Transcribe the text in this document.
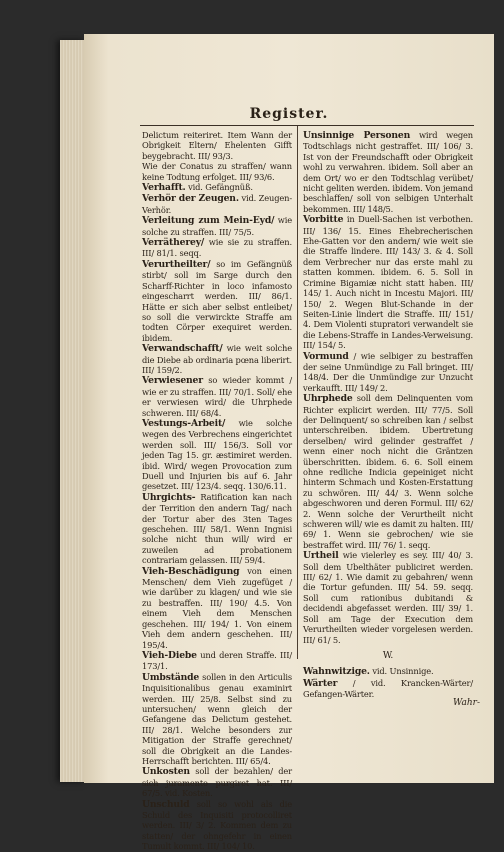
Register.
Delictum reiteriret. Item Wann der Obrigkeit Eltern/ Ehelenten Gifft beygebracht. III/ 93/3.
Wie der Conatus zu straffen/ wann keine Todtung erfolget. III/ 93/6.
Verhafft. vid. Gefängnüß.
Verhör der Zeugen. vid. Zeugen-Verhör.
Verleitung zum Mein-Eyd/ wie solche zu straffen. III/ 75/5.
Verrätherey/ wie sie zu straffen. III/ 81/1. seqq.
Verurtheilter/ so im Gefängnüß stirbt/ soll im Sarge durch den Scharff-Richter in loco infamosto eingescharrt werden. III/ 86/1. Hätte er sich aber selbst entleibet/ so soll die verwirckte Straffe am todten Cörper exequiret werden. ibidem.
Verwandschafft/ wie weit solche die Diebe ab ordinaria pœna liberirt. III/ 159/2.
Verwiesener so wieder kommt / wie er zu straffen. III/ 70/1. Soll/ ehe er verwiesen wird/ die Uhrphede schweren. III/ 68/4.
Vestungs-Arbeit/ wie solche wegen des Verbrechens eingerichtet werden soll. III/ 156/3. Soll vor jeden Tag 15. gr. æstimiret werden. ibid. Wird/ wegen Provocation zum Duell und Injurien bis auf 6. Jahr gesetzet. III/ 123/4. seqq. 130/6.11.
Uhrgichts- Ratification kan nach der Territion den andern Tag/ nach der Tortur aber des 3ten Tages geschehen. III/ 58/1. Wenn Ingnisi solche nicht thun will/ wird er zuweilen ad probationem contrariam gelassen. III/ 59/4.
Vieh-Beschädigung von einen Menschen/ dem Vieh zugefüget / wie darüber zu klagen/ und wie sie zu bestraffen. III/ 190/ 4.5. Von einem Vieh dem Menschen geschehen. III/ 194/ 1. Von einem Vieh dem andern geschehen. III/ 195/4.
Vieh-Diebe und deren Straffe. III/ 173/1.
Umbstände sollen in den Articulis Inquisitionalibus genau examinirt werden. III/ 25/8. Selbst sind zu untersuchen/ wenn gleich der Gefangene das Delictum gestehet. III/ 28/1. Welche besonders zur Mitigation der Straffe gerechnet/ soll die Obrigkeit an die Landes-Herrschafft berichten. III/ 65/4.
Unkosten soll der bezahlen/ der sich juramento purgiret hat. III/ 67/5. vid. Kosten.
Unschuld soll so wohl als die Schuld des Inquisiti protocolliret werden. III/ 3/ 2. Kommen dem zu statten/ der ohngefehr in einen Tumult kommt. III/ 104/ 10.
Unsinnige Personen wird wegen Todtschlags nicht gestraffet. III/ 106/ 3. Ist von der Freundschafft oder Obrigkeit wohl zu verwahren. ibidem. Soll aber an dem Ort/ wo er den Todtschlag verübet/ nicht geliten werden. ibidem. Von jemand beschlaffen/ soll von selbigen Unterhalt bekommen. III/ 148/5.
Vorbitte in Duell-Sachen ist verbothen. III/ 136/ 15. Eines Ehebrecherischen Ehe-Gatten vor den andern/ wie weit sie die Straffe lindere. III/ 143/ 3. & 4. Soll dem Verbrecher nur das erste mahl zu statten kommen. ibidem. 6. 5. Soll in Crimine Bigamiæ nicht statt haben. III/ 145/ 1. Auch nicht in Incestu Majori. III/ 150/ 2. Wegen Blut-Schande in der Seiten-Linie lindert die Straffe. III/ 151/ 4. Dem Violenti stupratori verwandelt sie die Lebens-Straffe in Landes-Verweisung. III/ 154/ 5.
Vormund / wie selbiger zu bestraffen der seine Unmündige zu Fall bringet. III/ 148/4. Der die Unmündige zur Unzucht verkaufft. III/ 149/ 2.
Uhrphede soll dem Delinquenten vom Richter explicirt werden. III/ 77/5. Soll der Delinquent/ so schreiben kan / selbst unterschreiben. ibidem. Ubertretung derselben/ wird gelinder gestraffet / wenn einer noch nicht die Gräntzen überschritten. ibidem. 6. 6. Soll einem ohne redliche Indicia gepeiniget nicht hinterm Schmach und Kosten-Erstattung zu schwören. III/ 44/ 3. Wenn solche abgeschworen und deren Formul. III/ 62/ 2. Wenn solche der Verurtheilt nicht schweren will/ wie es damit zu halten. III/ 69/ 1. Wenn sie gebrochen/ wie sie bestraffet wird. III/ 76/ 1. seqq.
Urtheil wie vielerley es sey. III/ 40/ 3. Soll dem Ubelthäter publiciret werden. III/ 62/ 1. Wie damit zu gebahren/ wenn die Tortur gefunden. III/ 54. 59. seqq. Soll cum rationibus dubitandi & decidendi abgefasset werden. III/ 39/ 1. Soll am Tage der Execution dem Verurtheilten wieder vorgelesen werden. III/ 61/ 5.
W.
Wahnwitzige. vid. Unsinnige.
Wärter / vid. Krancken-Wärter/ Gefangen-Wärter.
Wahr-
